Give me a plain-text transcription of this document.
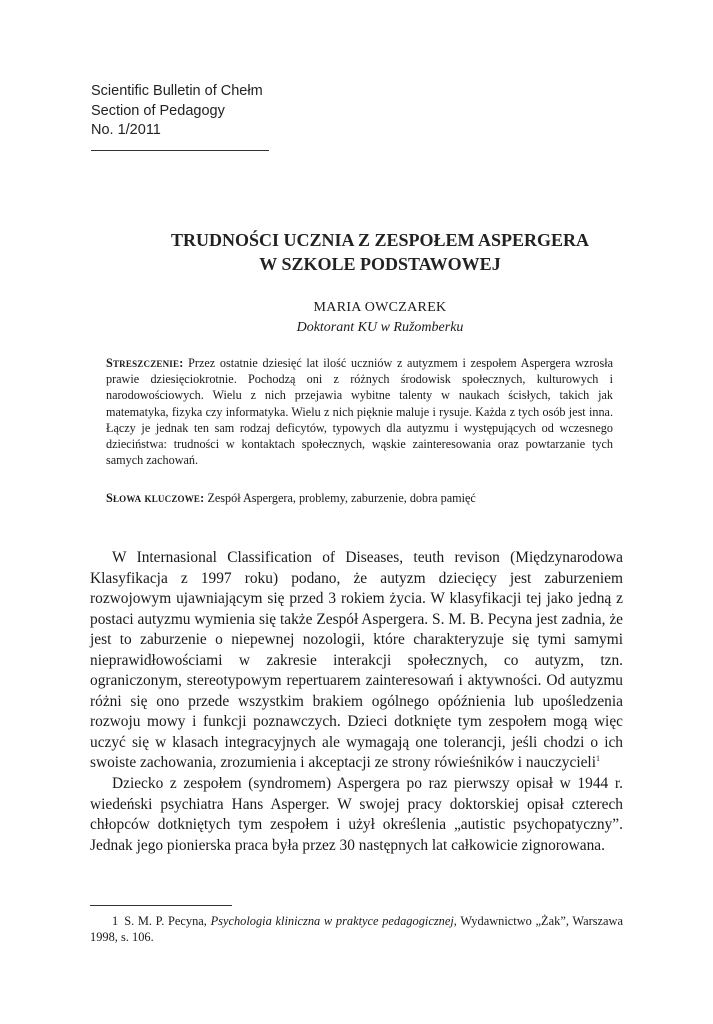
Scientific Bulletin of Chełm
Section of Pedagogy
No. 1/2011
TRUDNOŚCI UCZNIA Z ZESPOŁEM ASPERGERA
W SZKOLE PODSTAWOWEJ
MARIA OWCZAREK
Doktorant KU w Ružomberku
Streszczenie: Przez ostatnie dziesięć lat ilość uczniów z autyzmem i zespołem Aspergera wzrosła prawie dziesięciokrotnie. Pochodzą oni z różnych środowisk społecznych, kulturowych i narodowościowych. Wielu z nich przejawia wybitne talenty w naukach ścisłych, takich jak matematyka, fizyka czy informatyka. Wielu z nich pięknie maluje i rysuje. Każda z tych osób jest inna. Łączy je jednak ten sam rodzaj deficytów, typowych dla autyzmu i występujących od wczesnego dzieciństwa: trudności w kontaktach społecznych, wąskie zainteresowania oraz powtarzanie tych samych zachowań.
Słowa kluczowe: Zespół Aspergera, problemy, zaburzenie, dobra pamięć

W Internasional Classification of Diseases, teuth revison (Międzynarodowa Klasyfikacja z 1997 roku) podano, że autyzm dziecięcy jest zaburzeniem rozwojowym ujawniającym się przed 3 rokiem życia. W klasyfikacji tej jako jedną z postaci autyzmu wymienia się także Zespół Aspergera. S. M. B. Pecyna jest zadnia, że jest to zaburzenie o niepewnej nozologii, które charakteryzuje się tymi samymi nieprawidłowościami w zakresie interakcji społecznych, co autyzm, tzn. ograniczonym, stereotypowym repertuarem zainteresowań i aktywności. Od autyzmu różni się ono przede wszystkim brakiem ogólnego opóźnienia lub upośledzenia rozwoju mowy i funkcji poznawczych. Dzieci dotknięte tym zespołem mogą więc uczyć się w klasach integracyjnych ale wymagają one tolerancji, jeśli chodzi o ich swoiste zachowania, zrozumienia i akceptacji ze strony rówieśników i nauczycieli$^1$

Dziecko z zespołem (syndromem) Aspergera po raz pierwszy opisał w 1944 r. wiedeński psychiatra Hans Asperger. W swojej pracy doktorskiej opisał czterech chłopców dotkniętych tym zespołem i użył określenia „autistic psychopatyczny”. Jednak jego pionierska praca była przez 30 następnych lat całkowicie zignorowana.

1 S. M. P. Pecyna, Psychologia kliniczna w praktyce pedagogicznej, Wydawnictwo „Żak”, Warszawa 1998, s. 106.
